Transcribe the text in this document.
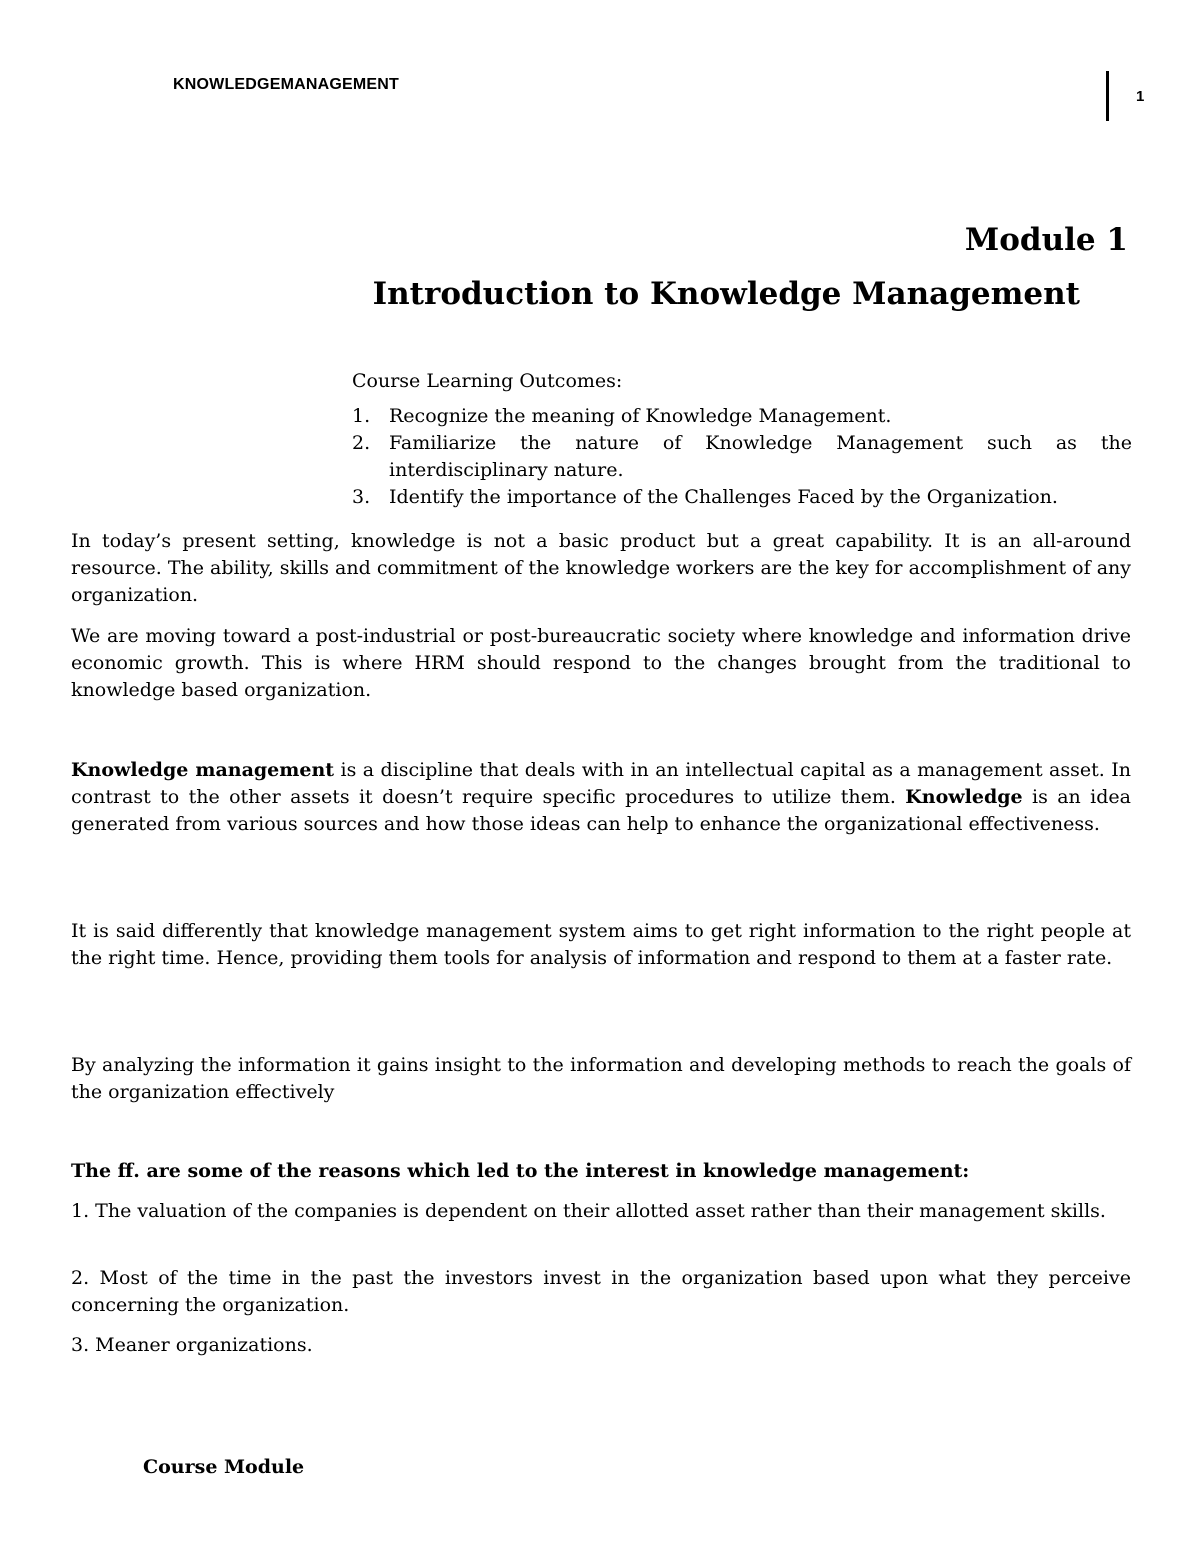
KNOWLEDGEMANAGEMENT
1
Module 1
Introduction to Knowledge Management
Course Learning Outcomes:
1. Recognize the meaning of Knowledge Management.
2. Familiarize the nature of Knowledge Management such as the interdisciplinary nature.
3. Identify the importance of the Challenges Faced by the Organization.

In today’s present setting, knowledge is not a basic product but a great capability. It is an all-around resource. The ability, skills and commitment of the knowledge workers are the key for accomplishment of any organization.

We are moving toward a post-industrial or post-bureaucratic society where knowledge and information drive economic growth. This is where HRM should respond to the changes brought from the traditional to knowledge based organization.

Knowledge management is a discipline that deals with in an intellectual capital as a management asset. In contrast to the other assets it doesn’t require specific procedures to utilize them. Knowledge is an idea generated from various sources and how those ideas can help to enhance the organizational effectiveness.

It is said differently that knowledge management system aims to get right information to the right people at the right time. Hence, providing them tools for analysis of information and respond to them at a faster rate.

By analyzing the information it gains insight to the information and developing methods to reach the goals of the organization effectively

The ff. are some of the reasons which led to the interest in knowledge management:
1. The valuation of the companies is dependent on their allotted asset rather than their management skills.
2. Most of the time in the past the investors invest in the organization based upon what they perceive concerning the organization.
3. Meaner organizations.
Course Module
